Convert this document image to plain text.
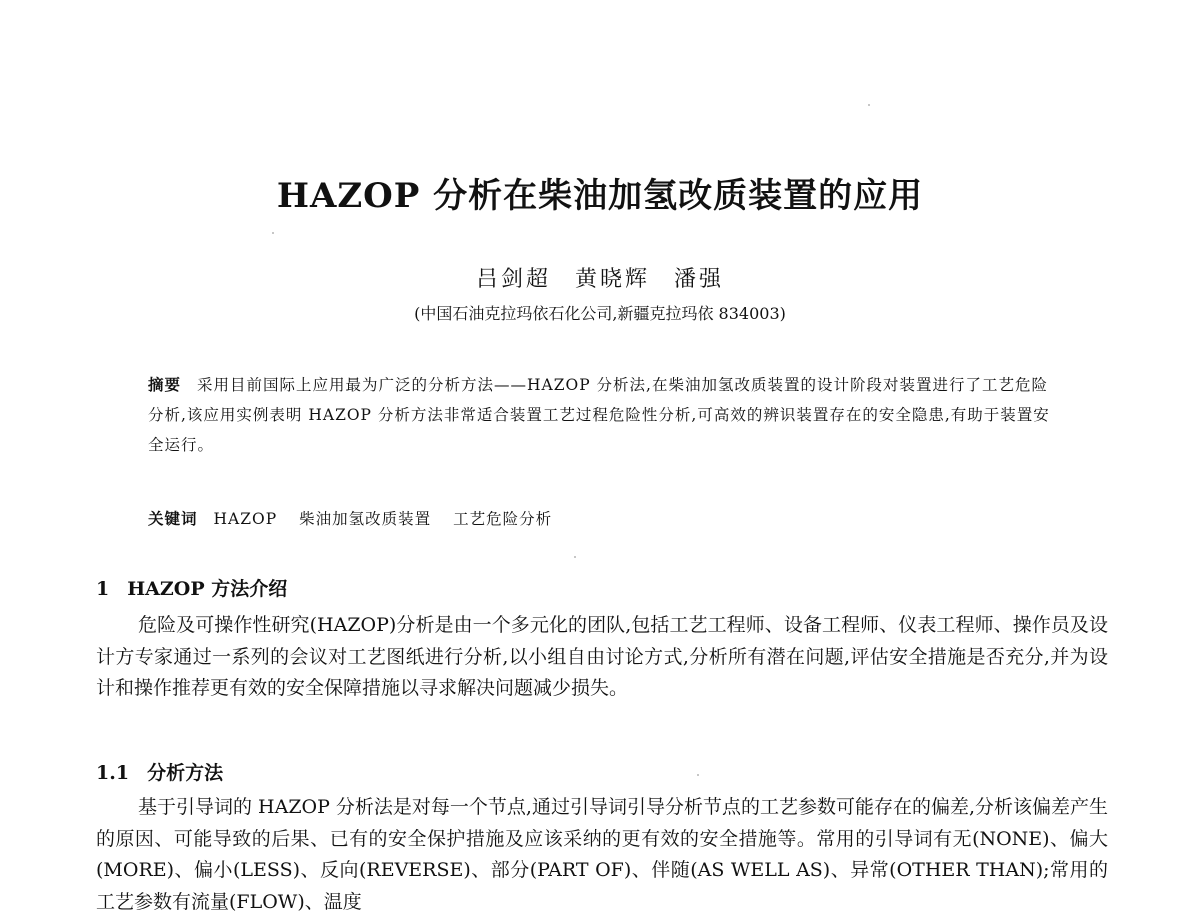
HAZOP 分析在柴油加氢改质装置的应用
吕剑超 黄晓辉 潘强
(中国石油克拉玛依石化公司,新疆克拉玛依 834003)

摘要 采用目前国际上应用最为广泛的分析方法——HAZOP 分析法,在柴油加氢改质装置的设计阶段对装置进行了工艺危险分析,该应用实例表明 HAZOP 分析方法非常适合装置工艺过程危险性分析,可高效的辨识装置存在的安全隐患,有助于装置安全运行。

关键词 HAZOP 柴油加氢改质装置 工艺危险分析

1 HAZOP 方法介绍

危险及可操作性研究(HAZOP)分析是由一个多元化的团队,包括工艺工程师、设备工程师、仪表工程师、操作员及设计方专家通过一系列的会议对工艺图纸进行分析,以小组自由讨论方式,分析所有潜在问题,评估安全措施是否充分,并为设计和操作推荐更有效的安全保障措施以寻求解决问题减少损失。

1.1 分析方法

基于引导词的 HAZOP 分析法是对每一个节点,通过引导词引导分析节点的工艺参数可能存在的偏差,分析该偏差产生的原因、可能导致的后果、已有的安全保护措施及应该采纳的更有效的安全措施等。常用的引导词有无(NONE)、偏大(MORE)、偏小(LESS)、反向(REVERSE)、部分(PART OF)、伴随(AS WELL AS)、异常(OTHER THAN);常用的工艺参数有流量(FLOW)、温度
